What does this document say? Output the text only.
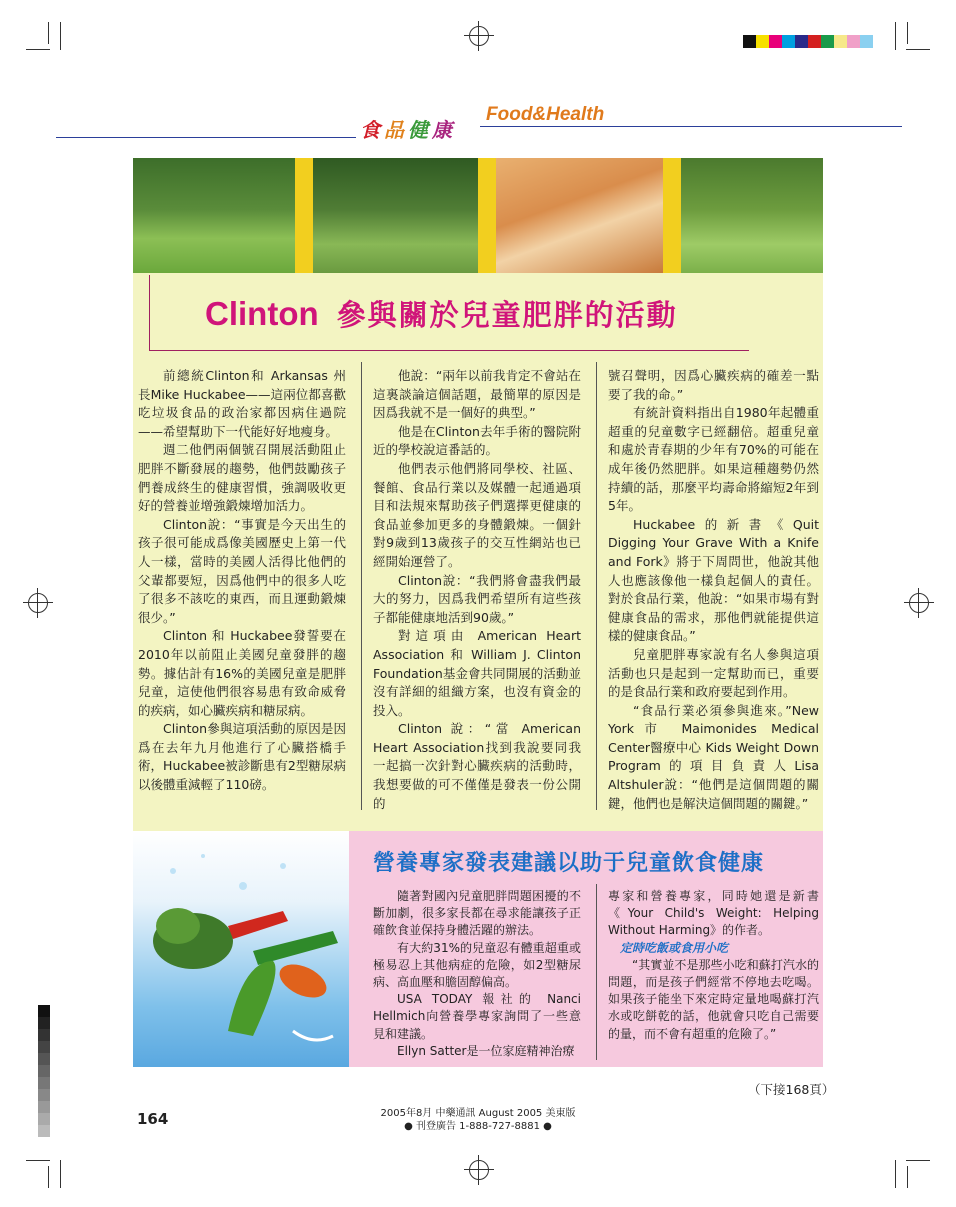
食品健康
Food&Health
Clinton 參與關於兒童肥胖的活動

前總統Clinton和 Arkansas 州長Mike Huckabee——這兩位都喜歡吃垃圾食品的政治家都因病住過院——希望幫助下一代能好好地瘦身。

週二他們兩個號召開展活動阻止肥胖不斷發展的趨勢，他們鼓勵孩子們養成終生的健康習慣，強調吸收更好的營養並增強鍛煉增加活力。

Clinton說：“事實是今天出生的孩子很可能成爲像美國歷史上第一代人一樣，當時的美國人活得比他們的父輩都要短，因爲他們中的很多人吃了很多不該吃的東西，而且運動鍛煉很少。”

Clinton 和 Huckabee發誓要在2010年以前阻止美國兒童發胖的趨勢。據估計有16%的美國兒童是肥胖兒童，這使他們很容易患有致命威脅的疾病，如心臟疾病和糖尿病。

Clinton參與這項活動的原因是因爲在去年九月他進行了心臟搭橋手術，Huckabee被診斷患有2型糖尿病以後體重減輕了110磅。

他說：“兩年以前我肯定不會站在這裏談論這個話題，最簡單的原因是因爲我就不是一個好的典型。”

他是在Clinton去年手術的醫院附近的學校說這番話的。

他們表示他們將同學校、社區、餐館、食品行業以及媒體一起通過項目和法規來幫助孩子們選擇更健康的食品並參加更多的身體鍛煉。一個針對9歲到13歲孩子的交互性網站也已經開始運營了。

Clinton說：“我們將會盡我們最大的努力，因爲我們希望所有這些孩子都能健康地活到90歲。”

對這項由 American Heart Association 和 William J. Clinton Foundation基金會共同開展的活動並沒有詳細的組織方案，也沒有資金的投入。

Clinton 說：“當 American Heart Association找到我說要同我一起搞一次針對心臟疾病的活動時，我想要做的可不僅僅是發表一份公開的

號召聲明，因爲心臟疾病的確差一點要了我的命。”

有統計資料指出自1980年起體重超重的兒童數字已經翻倍。超重兒童和處於青春期的少年有70%的可能在成年後仍然肥胖。如果這種趨勢仍然持續的話，那麼平均壽命將縮短2年到5年。

Huckabee的新書《Quit Digging Your Grave With a Knife and Fork》將于下周問世，他說其他人也應該像他一樣負起個人的責任。對於食品行業，他說：“如果市場有對健康食品的需求，那他們就能提供這樣的健康食品。”

兒童肥胖專家說有名人參與這項活動也只是起到一定幫助而已，重要的是食品行業和政府要起到作用。

“食品行業必須參與進來。”New York市 Maimonides Medical Center醫療中心 Kids Weight Down Program的項目負責人Lisa Altshuler說：“他們是這個問題的關鍵，他們也是解決這個問題的關鍵。”

營養專家發表建議以助于兒童飲食健康

隨著對國內兒童肥胖問題困擾的不斷加劇，很多家長都在尋求能讓孩子正確飲食並保持身體活躍的辦法。

有大約31%的兒童忍有體重超重或極易忍上其他病症的危險，如2型糖尿病、高血壓和膽固醇偏高。

USA TODAY 報社的 Nanci Hellmich向營養學專家詢問了一些意見和建議。

Ellyn Satter是一位家庭精神治療

專家和營養專家，同時她還是新書《Your Child's Weight: Helping Without Harming》的作者。

定時吃飯或食用小吃

“其實並不是那些小吃和蘇打汽水的問題，而是孩子們經常不停地去吃喝。如果孩子能坐下來定時定量地喝蘇打汽水或吃餅乾的話，他就會只吃自己需要的量，而不會有超重的危險了。”

（下接168頁）
164	2005年8月 中藥通訊 August 2005 美東版
● 刊登廣告 1-888-727-8881 ●
